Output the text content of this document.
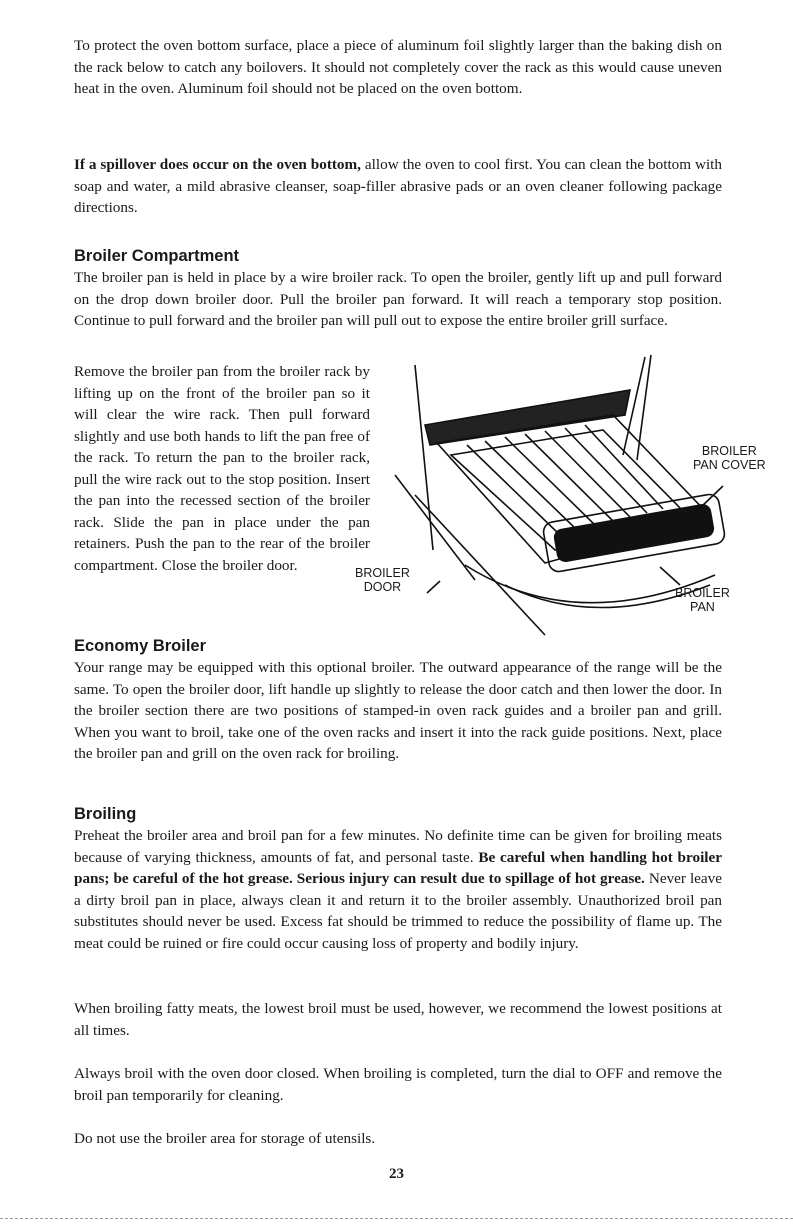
To protect the oven bottom surface, place a piece of aluminum foil slightly larger than the baking dish on the rack below to catch any boilovers. It should not completely cover the rack as this would cause uneven heat in the oven. Aluminum foil should not be placed on the oven bottom.

If a spillover does occur on the oven bottom, allow the oven to cool first. You can clean the bottom with soap and water, a mild abrasive cleanser, soap-filler abrasive pads or an oven cleaner following package directions.

Broiler Compartment

The broiler pan is held in place by a wire broiler rack. To open the broiler, gently lift up and pull forward on the drop down broiler door. Pull the broiler pan forward. It will reach a temporary stop position. Continue to pull forward and the broiler pan will pull out to expose the entire broiler grill surface.

Remove the broiler pan from the broiler rack by lifting up on the front of the broiler pan so it will clear the wire rack. Then pull forward slightly and use both hands to lift the pan free of the rack. To return the pan to the broiler rack, pull the wire rack out to the stop position. Insert the pan into the recessed section of the broiler rack. Slide the pan in place under the pan retainers. Push the pan to the rear of the broiler compartment. Close the broiler door.

BROILER
PAN COVER
BROILER
DOOR	BROILER
PAN
Economy Broiler

Your range may be equipped with this optional broiler. The outward appearance of the range will be the same. To open the broiler door, lift handle up slightly to release the door catch and then lower the door. In the broiler section there are two positions of stamped-in oven rack guides and a broiler pan and grill. When you want to broil, take one of the oven racks and insert it into the rack guide positions. Next, place the broiler pan and grill on the oven rack for broiling.

Broiling

Preheat the broiler area and broil pan for a few minutes. No definite time can be given for broiling meats because of varying thickness, amounts of fat, and personal taste. Be careful when handling hot broiler pans; be careful of the hot grease. Serious injury can result due to spillage of hot grease. Never leave a dirty broil pan in place, always clean it and return it to the broiler assembly. Unauthorized broil pan substitutes should never be used. Excess fat should be trimmed to reduce the possibility of flame up. The meat could be ruined or fire could occur causing loss of property and bodily injury.

When broiling fatty meats, the lowest broil must be used, however, we recommend the lowest positions at all times.

Always broil with the oven door closed. When broiling is completed, turn the dial to OFF and remove the broil pan temporarily for cleaning.

Do not use the broiler area for storage of utensils.

23
